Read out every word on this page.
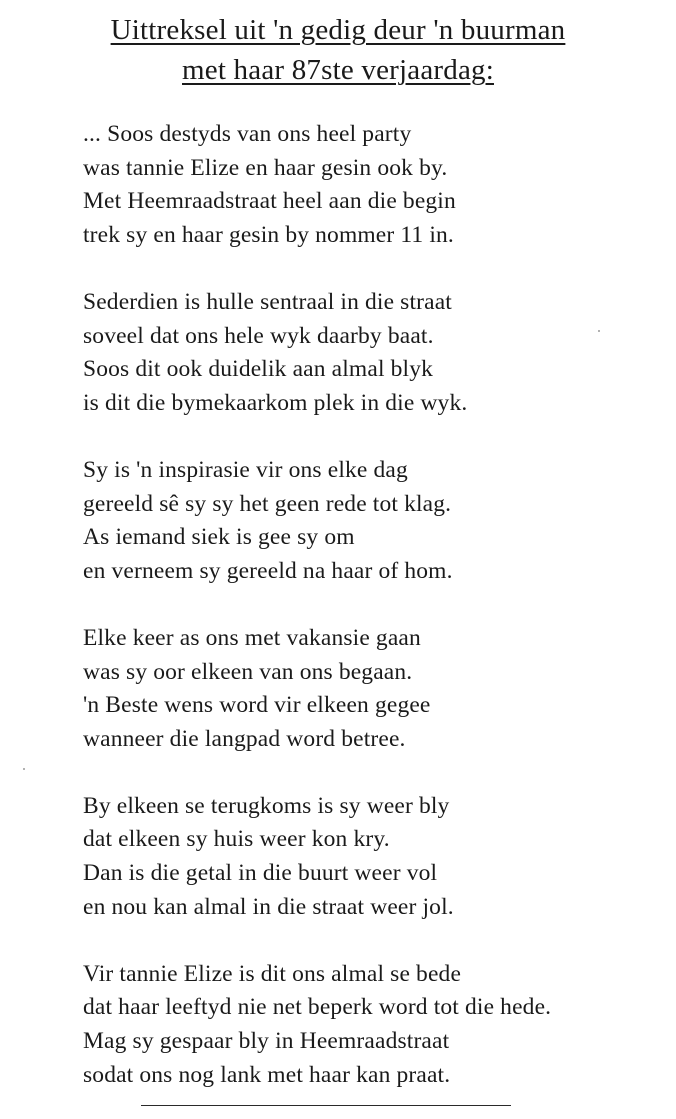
Uittreksel uit 'n gedig deur 'n buurman
met haar 87ste verjaardag:
... Soos destyds van ons heel party
was tannie Elize en haar gesin ook by.
Met Heemraadstraat heel aan die begin
trek sy en haar gesin by nommer 11 in.
Sederdien is hulle sentraal in die straat
soveel dat ons hele wyk daarby baat.
Soos dit ook duidelik aan almal blyk
is dit die bymekaarkom plek in die wyk.
Sy is 'n inspirasie vir ons elke dag
gereeld sê sy sy het geen rede tot klag.
As iemand siek is gee sy om
en verneem sy gereeld na haar of hom.
Elke keer as ons met vakansie gaan
was sy oor elkeen van ons begaan.
'n Beste wens word vir elkeen gegee
wanneer die langpad word betree.
By elkeen se terugkoms is sy weer bly
dat elkeen sy huis weer kon kry.
Dan is die getal in die buurt weer vol
en nou kan almal in die straat weer jol.
Vir tannie Elize is dit ons almal se bede
dat haar leeftyd nie net beperk word tot die hede.
Mag sy gespaar bly in Heemraadstraat
sodat ons nog lank met haar kan praat.
